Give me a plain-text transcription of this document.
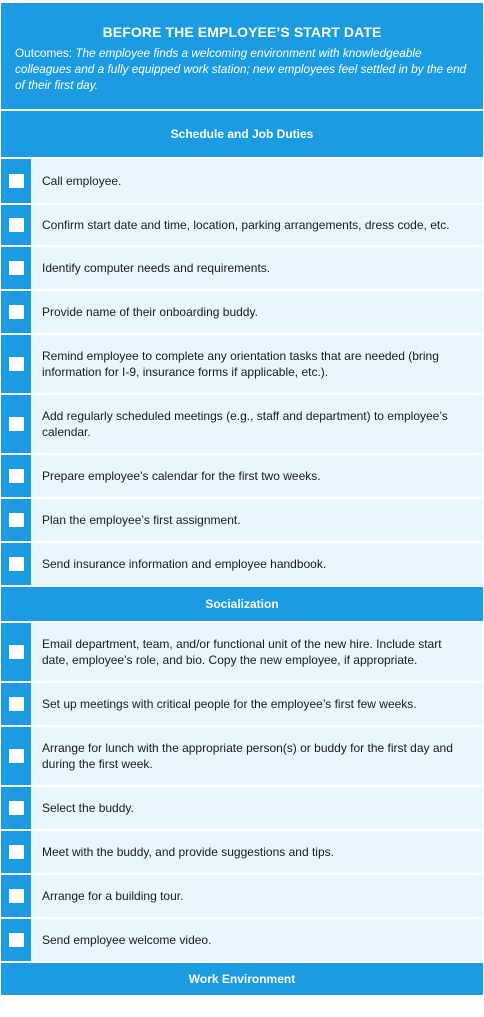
BEFORE THE EMPLOYEE’S START DATE
Outcomes: The employee finds a welcoming environment with knowledgeable colleagues and a fully equipped work station; new employees feel settled in by the end of their first day.
Schedule and Job Duties
Call employee.
Confirm start date and time, location, parking arrangements, dress code, etc.
Identify computer needs and requirements.
Provide name of their onboarding buddy.
Remind employee to complete any orientation tasks that are needed (bring information for I-9, insurance forms if applicable, etc.).
Add regularly scheduled meetings (e.g., staff and department) to employee’s calendar.
Prepare employee’s calendar for the first two weeks.
Plan the employee’s first assignment.
Send insurance information and employee handbook.
Socialization
Email department, team, and/or functional unit of the new hire. Include start date, employee’s role, and bio. Copy the new employee, if appropriate.
Set up meetings with critical people for the employee’s first few weeks.
Arrange for lunch with the appropriate person(s) or buddy for the first day and during the first week.
Select the buddy.
Meet with the buddy, and provide suggestions and tips.
Arrange for a building tour.
Send employee welcome video.
Work Environment
